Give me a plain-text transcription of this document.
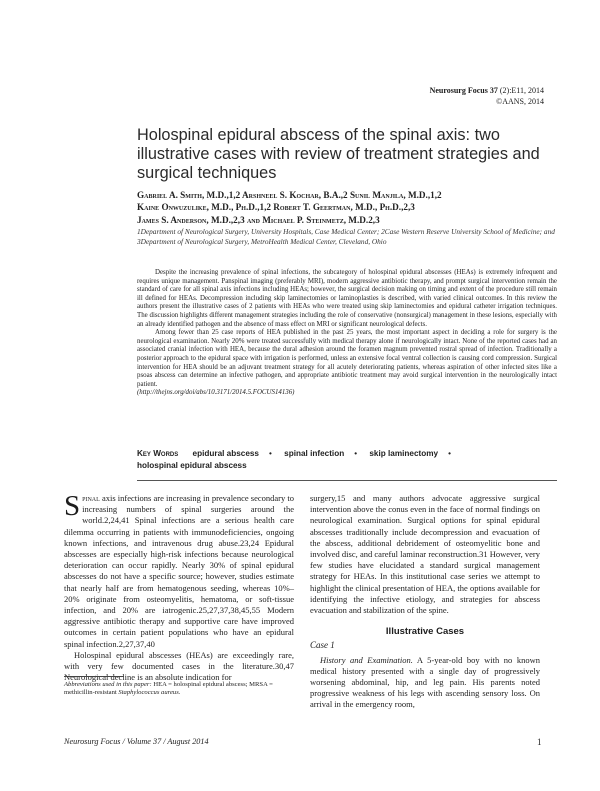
Neurosurg Focus 37 (2):E11, 2014
©AANS, 2014
Holospinal epidural abscess of the spinal axis: two illustrative cases with review of treatment strategies and surgical techniques
Gabriel A. Smith, M.D.,1,2 Arshneel S. Kochar, B.A.,2 Sunil Manjila, M.D.,1,2
Kaine Onwuzulike, M.D., Ph.D.,1,2 Robert T. Geertman, M.D., Ph.D.,2,3
James S. Anderson, M.D.,2,3 and Michael P. Steinmetz, M.D.2,3
1Department of Neurological Surgery, University Hospitals, Case Medical Center; 2Case Western Reserve University School of Medicine; and 3Department of Neurological Surgery, MetroHealth Medical Center, Cleveland, Ohio

Despite the increasing prevalence of spinal infections, the subcategory of holospinal epidural abscesses (HEAs) is extremely infrequent and requires unique management. Panspinal imaging (preferably MRI), modern aggressive antibiotic therapy, and prompt surgical intervention remain the standard of care for all spinal axis infections including HEAs; however, the surgical decision making on timing and extent of the procedure still remain ill defined for HEAs. Decompression including skip laminectomies or laminoplasties is described, with varied clinical outcomes. In this review the authors present the illustrative cases of 2 patients with HEAs who were treated using skip laminectomies and epidural catheter irrigation techniques. The discussion highlights different management strategies including the role of conservative (nonsurgical) management in these lesions, especially with an already identified pathogen and the absence of mass effect on MRI or significant neurological defects.

Among fewer than 25 case reports of HEA published in the past 25 years, the most important aspect in deciding a role for surgery is the neurological examination. Nearly 20% were treated successfully with medical therapy alone if neurologically intact. None of the reported cases had an associated cranial infection with HEA, because the dural adhesion around the foramen magnum prevented rostral spread of infection. Traditionally a posterior approach to the epidural space with irrigation is performed, unless an extensive focal ventral collection is causing cord compression. Surgical intervention for HEA should be an adjuvant treatment strategy for all acutely deteriorating patients, whereas aspiration of other infected sites like a psoas abscess can determine an infective pathogen, and appropriate antibiotic treatment may avoid surgical intervention in the neurologically intact patient.

(http://thejns.org/doi/abs/10.3171/2014.5.FOCUS14136)
Key Words epidural abscess • spinal infection • skip laminectomy •
holospinal epidural abscess

Spinal axis infections are increasing in prevalence secondary to increasing numbers of spinal surgeries around the world.2,24,41 Spinal infections are a serious health care dilemma occurring in patients with immunodeficiencies, ongoing known infections, and intravenous drug abuse.23,24 Epidural abscesses are especially high-risk infections because neurological deterioration can occur rapidly. Nearly 30% of spinal epidural abscesses do not have a specific source; however, studies estimate that nearly half are from hematogenous seeding, whereas 10%–20% originate from osteomyelitis, hematoma, or soft-tissue infection, and 20% are iatrogenic.25,27,37,38,45,55 Modern aggressive antibiotic therapy and supportive care have improved outcomes in certain patient populations who have an epidural spinal infection.2,27,37,40

Holospinal epidural abscesses (HEAs) are exceedingly rare, with very few documented cases in the literature.30,47 Neurological decline is an absolute indication for

Abbreviations used in this paper: HEA = holospinal epidural abscess; MRSA = methicillin-resistant Staphylococcus aureus.

surgery,15 and many authors advocate aggressive surgical intervention above the conus even in the face of normal findings on neurological examination. Surgical options for spinal epidural abscesses traditionally include decompression and evacuation of the abscess, additional debridement of osteomyelitic bone and involved disc, and careful laminar reconstruction.31 However, very few studies have elucidated a standard surgical management strategy for HEAs. In this institutional case series we attempt to highlight the clinical presentation of HEA, the options available for identifying the infective etiology, and strategies for abscess evacuation and stabilization of the spine.

Illustrative Cases
Case 1

History and Examination. A 5-year-old boy with no known medical history presented with a single day of progressively worsening abdominal, hip, and leg pain. His parents noted progressive weakness of his legs with ascending sensory loss. On arrival in the emergency room,

Neurosurg Focus / Volume 37 / August 2014	1
